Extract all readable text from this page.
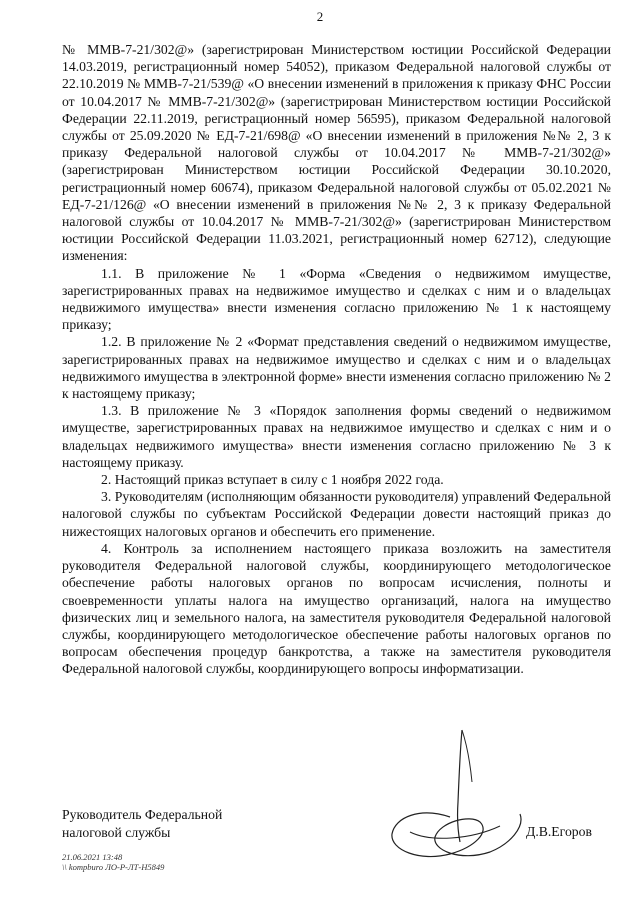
2

№ ММВ-7-21/302@» (зарегистрирован Министерством юстиции Российской Федерации 14.03.2019, регистрационный номер 54052), приказом Федеральной налоговой службы от 22.10.2019 № ММВ-7-21/539@ «О внесении изменений в приложения к приказу ФНС России от 10.04.2017 № ММВ-7-21/302@» (зарегистрирован Министерством юстиции Российской Федерации 22.11.2019, регистрационный номер 56595), приказом Федеральной налоговой службы от 25.09.2020 № ЕД-7-21/698@ «О внесении изменений в приложения №№ 2, 3 к приказу Федеральной налоговой службы от 10.04.2017 № ММВ-7-21/302@» (зарегистрирован Министерством юстиции Российской Федерации 30.10.2020, регистрационный номер 60674), приказом Федеральной налоговой службы от 05.02.2021 № ЕД-7-21/126@ «О внесении изменений в приложения №№ 2, 3 к приказу Федеральной налоговой службы от 10.04.2017 № ММВ-7-21/302@» (зарегистрирован Министерством юстиции Российской Федерации 11.03.2021, регистрационный номер 62712), следующие изменения:

1.1. В приложение № 1 «Форма «Сведения о недвижимом имуществе, зарегистрированных правах на недвижимое имущество и сделках с ним и о владельцах недвижимого имущества» внести изменения согласно приложению № 1 к настоящему приказу;

1.2. В приложение № 2 «Формат представления сведений о недвижимом имуществе, зарегистрированных правах на недвижимое имущество и сделках с ним и о владельцах недвижимого имущества в электронной форме» внести изменения согласно приложению № 2 к настоящему приказу;

1.3. В приложение № 3 «Порядок заполнения формы сведений о недвижимом имуществе, зарегистрированных правах на недвижимое имущество и сделках с ним и о владельцах недвижимого имущества» внести изменения согласно приложению № 3 к настоящему приказу.

2. Настоящий приказ вступает в силу с 1 ноября 2022 года.

3. Руководителям (исполняющим обязанности руководителя) управлений Федеральной налоговой службы по субъектам Российской Федерации довести настоящий приказ до нижестоящих налоговых органов и обеспечить его применение.

4. Контроль за исполнением настоящего приказа возложить на заместителя руководителя Федеральной налоговой службы, координирующего методологическое обеспечение работы налоговых органов по вопросам исчисления, полноты и своевременности уплаты налога на имущество организаций, налога на имущество физических лиц и земельного налога, на заместителя руководителя Федеральной налоговой службы, координирующего методологическое обеспечение работы налоговых органов по вопросам обеспечения процедур банкротства, а также на заместителя руководителя Федеральной налоговой службы, координирующего вопросы информатизации.

Руководитель Федеральной
налоговой службы	Д.В.Егоров
21.06.2021 13:48
\\ kompburo ЛО-Р-ЛТ-Н5849
